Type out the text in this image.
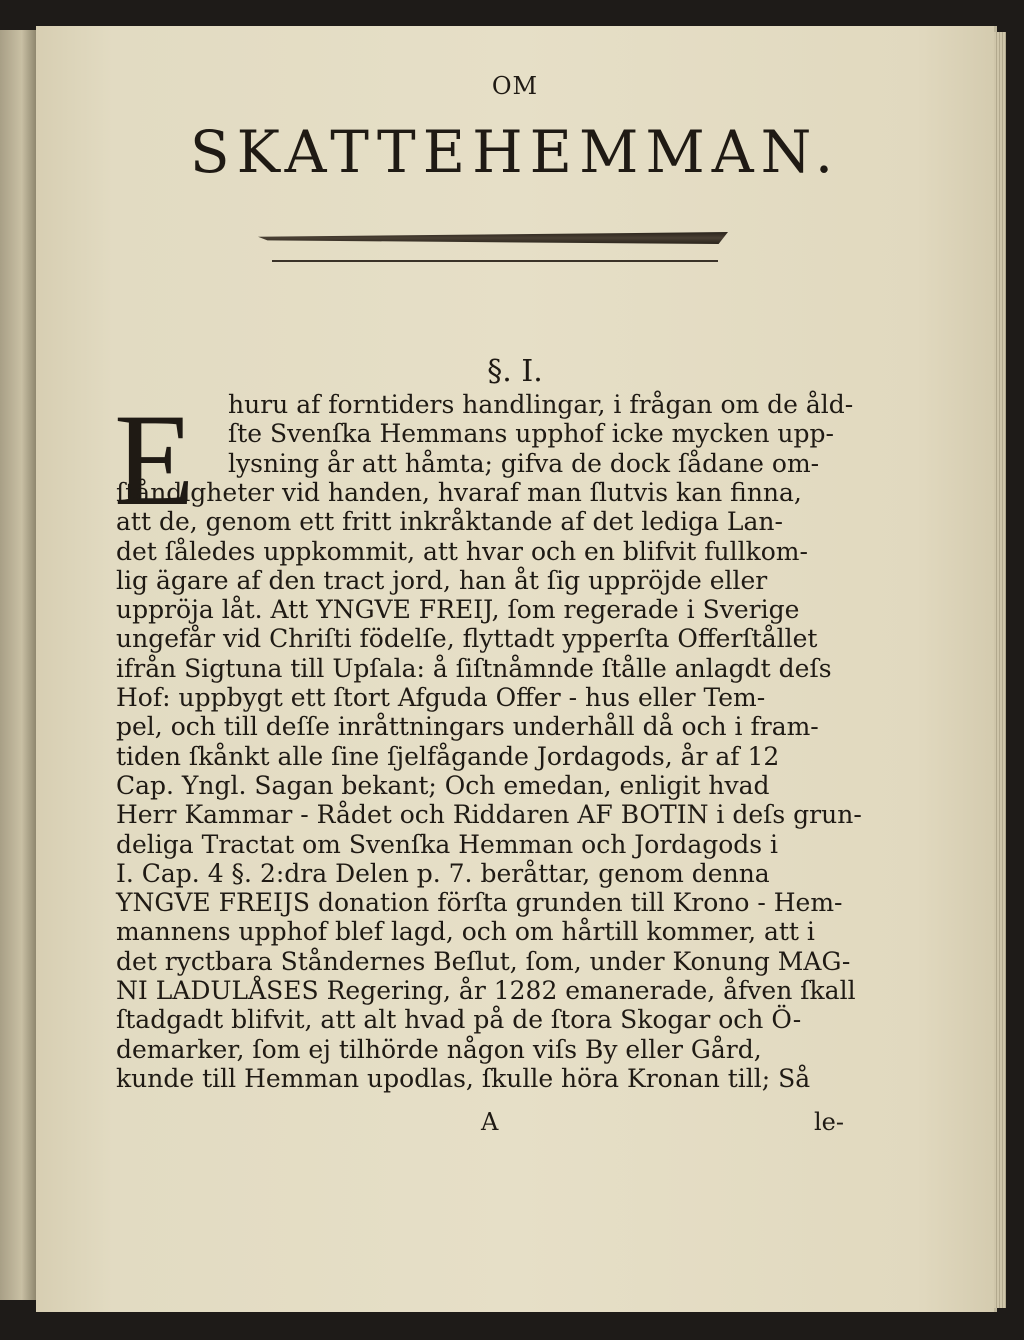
OM
SKATTEHEMMAN.
§. I.
E huru af forntiders handlingar, i frågan om de åld-
ſte Svenſka Hemmans upphof icke mycken upp-
lysning år att håmta; gifva de dock ſådane om-
ſtåndigheter vid handen, hvaraf man ſlutvis kan finna,
att de, genom ett fritt inkråktande af det lediga Lan-
det ſåledes uppkommit, att hvar och en blifvit fullkom-
lig ägare af den tract jord, han åt ſig uppröjde eller
uppröja låt. Att YNGVE FREIJ, ſom regerade i Sverige
ungefår vid Chriſti födelſe, flyttadt ypperſta Offerſtållet
ifrån Sigtuna till Upſala: å ſiſtnåmnde ſtålle anlagdt deſs
Hof: uppbygt ett ſtort Afguda Offer - hus eller Tem-
pel, och till deſſe inråttningars underhåll då och i fram-
tiden ſkånkt alle ſine ſjelfågande Jordagods, år af 12
Cap. Yngl. Sagan bekant; Och emedan, enligit hvad
Herr Kammar - Rådet och Riddaren AF BOTIN i deſs grun-
deliga Tractat om Svenſka Hemman och Jordagods i
I. Cap. 4 §. 2:dra Delen p. 7. beråttar, genom denna
YNGVE FREIJS donation förſta grunden till Krono - Hem-
mannens upphof blef lagd, och om hårtill kommer, att i
det ryctbara Ståndernes Beſlut, ſom, under Konung MAG-
NI LADULÅSES Regering, år 1282 emanerade, åfven ſkall
ſtadgadt blifvit, att alt hvad på de ſtora Skogar och Ö-
demarker, ſom ej tilhörde någon viſs By eller Gård,
kunde till Hemman upodlas, ſkulle höra Kronan till; Så
A	le-
